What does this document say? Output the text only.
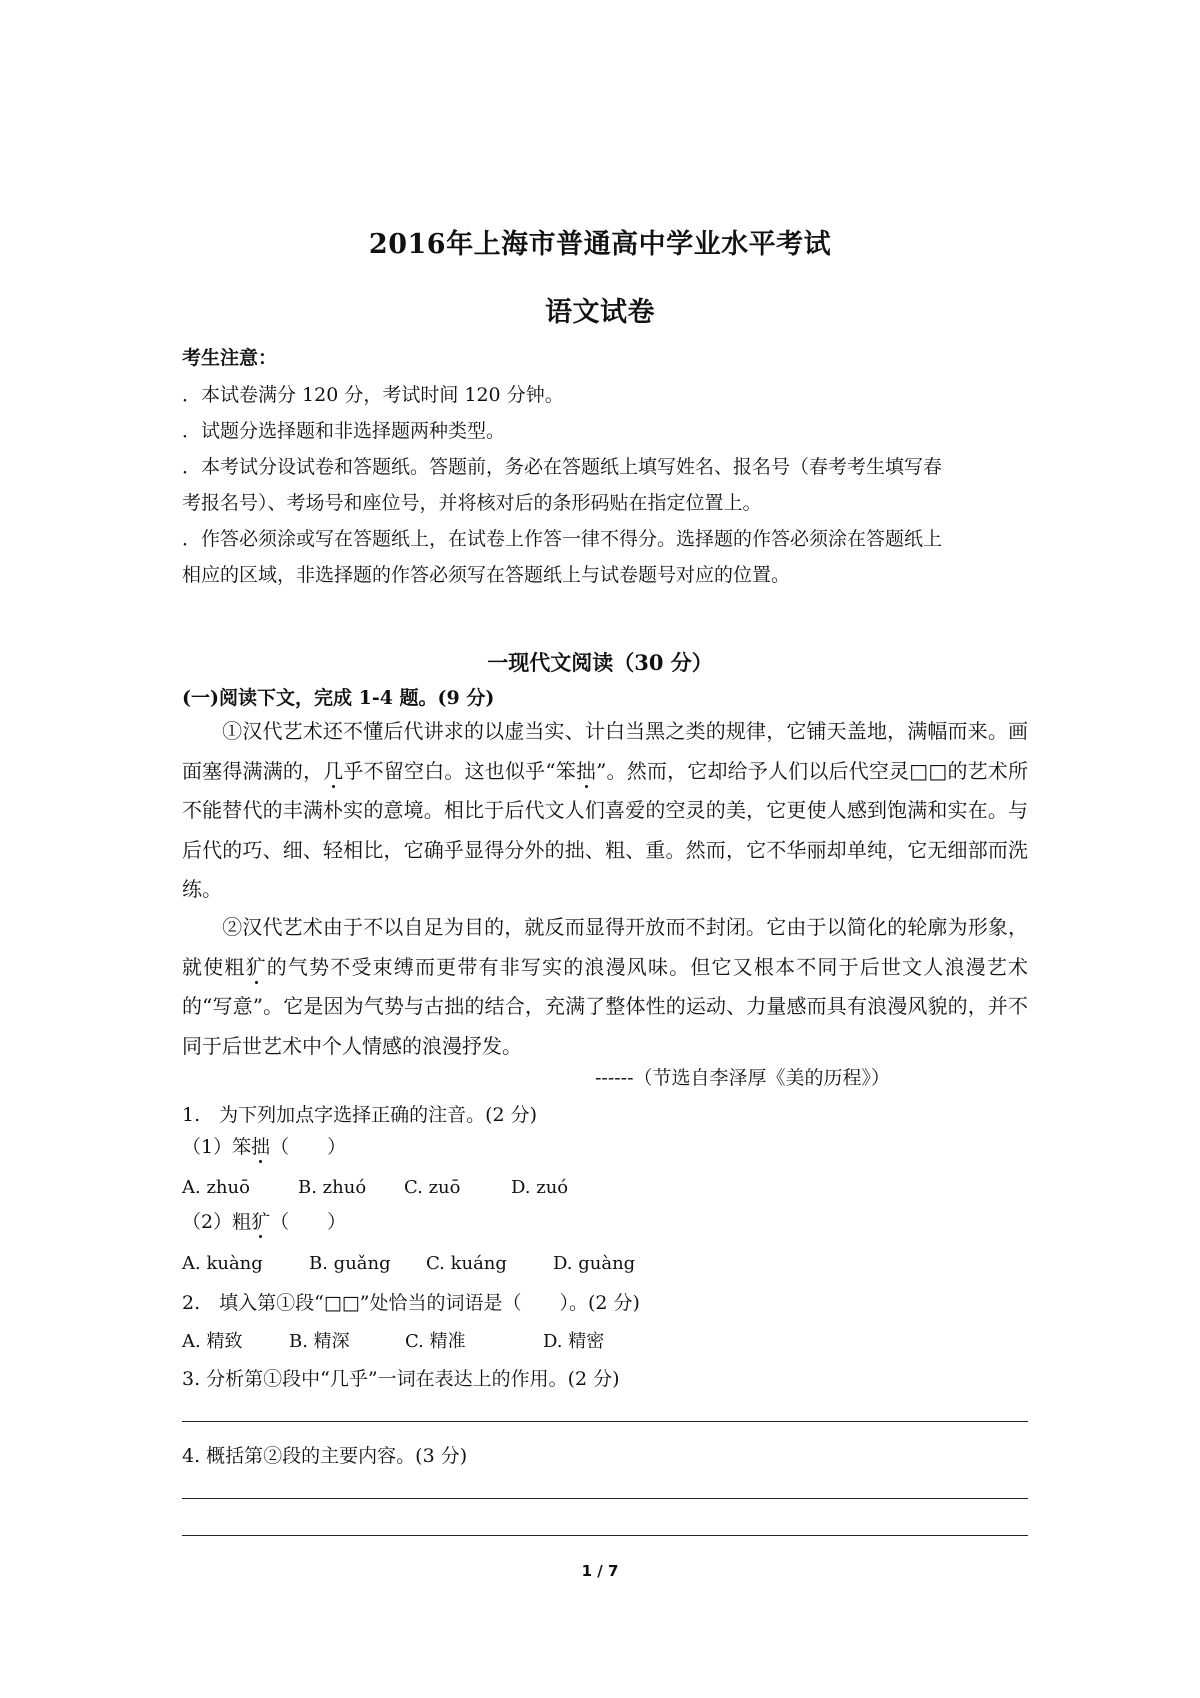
2016年上海市普通高中学业水平考试
语文试卷
考生注意：
．本试卷满分 120 分，考试时间 120 分钟。
．试题分选择题和非选择题两种类型。
．本考试分设试卷和答题纸。答题前，务必在答题纸上填写姓名、报名号（春考考生填写春
考报名号）、考场号和座位号，并将核对后的条形码贴在指定位置上。
．作答必须涂或写在答题纸上，在试卷上作答一律不得分。选择题的作答必须涂在答题纸上
相应的区域，非选择题的作答必须写在答题纸上与试卷题号对应的位置。
一现代文阅读（30 分）
(一)阅读下文，完成 1-4 题。(9 分)
①汉代艺术还不懂后代讲求的以虚当实、计白当黑之类的规律，它铺天盖地，满幅而来。画面塞得满满的，几乎不留空白。这也似乎“笨拙”。然而，它却给予人们以后代空灵□□的艺术所不能替代的丰满朴实的意境。相比于后代文人们喜爱的空灵的美，它更使人感到饱满和实在。与后代的巧、细、轻相比，它确乎显得分外的拙、粗、重。然而，它不华丽却单纯，它无细部而洗练。
②汉代艺术由于不以自足为目的，就反而显得开放而不封闭。它由于以简化的轮廓为形象，就使粗犷的气势不受束缚而更带有非写实的浪漫风味。但它又根本不同于后世文人浪漫艺术的“写意”。它是因为气势与古拙的结合，充满了整体性的运动、力量感而具有浪漫风貌的，并不同于后世艺术中个人情感的浪漫抒发。
------（节选自李泽厚《美的历程》）
1.　为下列加点字选择正确的注音。(2 分)
（1）笨拙（　　）
A. zhuō	B. zhuó C. zuō	D. zuó
（2）粗犷（　　）
A. kuàng	B. guǎng C. kuáng	D. guàng
2.　填入第①段“□□”处恰当的词语是（　　）。(2 分)
A. 精致	B. 精深	C. 精准	D. 精密
3. 分析第①段中“几乎”一词在表达上的作用。(2 分)
4. 概括第②段的主要内容。(3 分)
1 / 7
